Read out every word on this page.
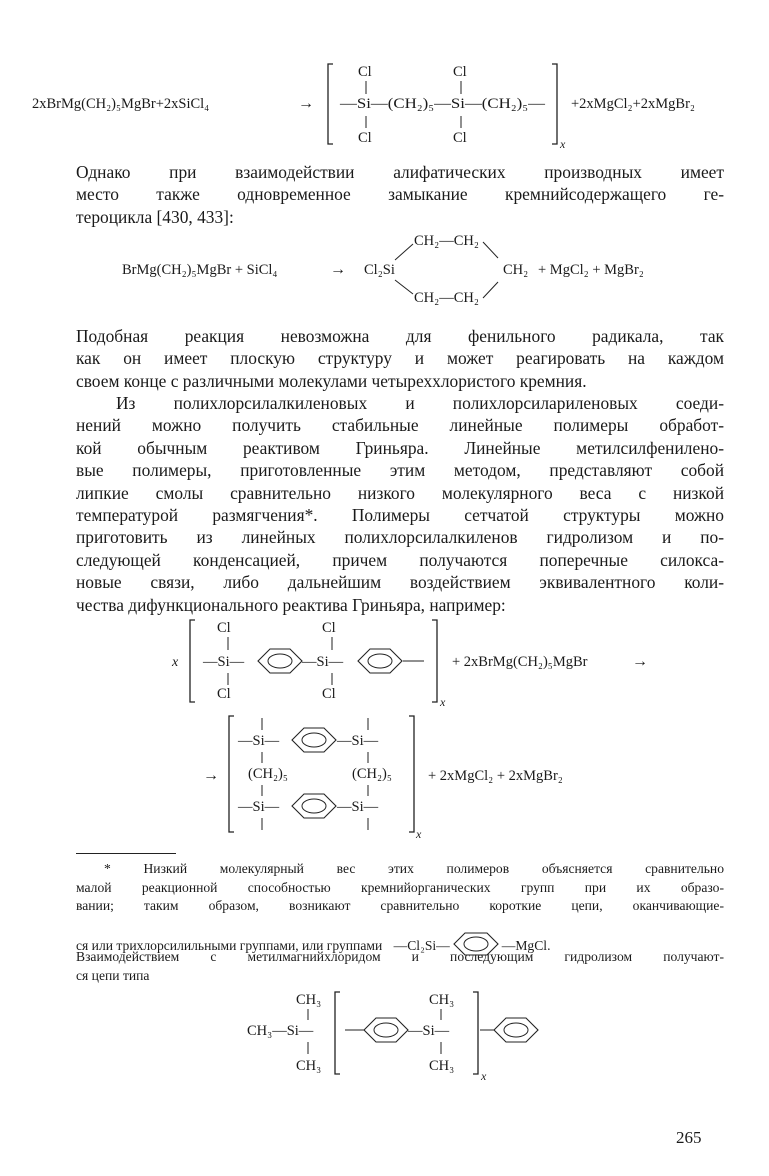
2xBrMg(CH₂)₅MgBr+2xSiCl₄	→
Cl	Cl
—Si—(CH₂)₅—Si—(CH₂)₅—
Cl	Cl	x
+2xMgCl₂+2xMgBr₂

Однако при взаимодействии алифатических производных имеет
место также одновременное замыкание кремнийсодержащего ге-
тероцикла [430, 433]:

BrMg(CH₂)₅MgBr + SiCl₄	→ Cl₂Si
CH₂—CH₂
CH₂
CH₂—CH₂
+ MgCl₂ + MgBr₂

Подобная реакция невозможна для фенильного радикала, так
как он имеет плоскую структуру и может реагировать на каждом
своем конце с различными молекулами четыреххлористого кремния.

Из полихлорсилалкиленовых и полихлорсилариленовых соеди-
нений можно получить стабильные линейные полимеры обработ-
кой обычным реактивом Гриньяра. Линейные метилсилфенилено-
вые полимеры, приготовленные этим методом, представляют собой
липкие смолы сравнительно низкого молекулярного веса с низкой
температурой размягчения*. Полимеры сетчатой структуры можно
приготовить из линейных полихлорсилалкиленов гидролизом и по-
следующей конденсацией, причем получаются поперечные силокса-
новые связи, либо дальнейшим воздействием эквивалентного коли-
чества дифункционального реактива Гриньяра, например:

x
Cl	Cl
—Si—	—Si—
Cl	Cl	x
+ 2xBrMg(CH₂)₅MgBr	→
→
—Si—	—Si—
(CH₂)₅	(CH₂)₅
—Si—	—Si—
x
+ 2xMgCl₂ + 2xMgBr₂
* Низкий молекулярный вес этих полимеров объясняется сравнительно
малой реакционной способностью кремнийорганических групп при их образо-
вании; таким образом, возникают сравнительно короткие цепи, оканчивающие-
ся или трихлорсилильными группами, или группами —Cl₂Si—	—MgCl.
Взаимодействием с метилмагнийхлоридом и последующим гидролизом получают-
ся цепи типа
CH₃
CH₃—Si—
CH₃
CH₃
—Si—
CH₃
x
265
